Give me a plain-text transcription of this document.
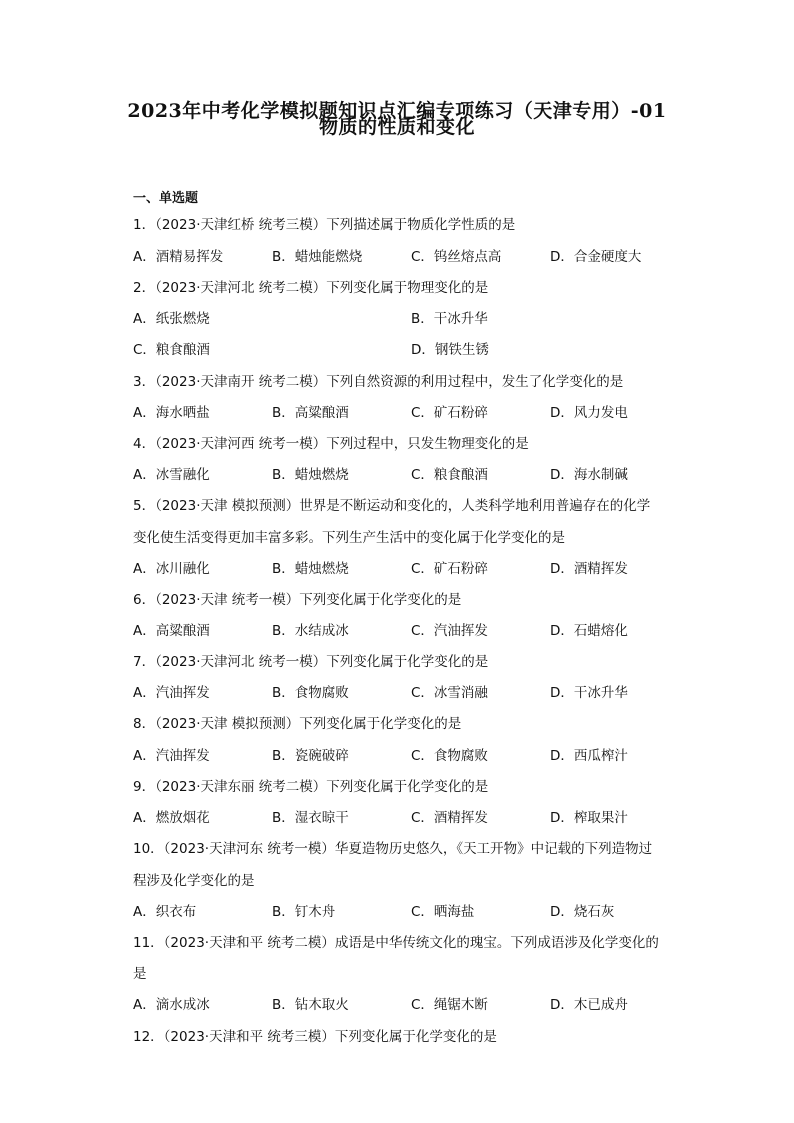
2023年中考化学模拟题知识点汇编专项练习（天津专用）-01
物质的性质和变化
一、单选题
1．（2023·天津红桥 统考三模）下列描述属于物质化学性质的是
A．酒精易挥发	B．蜡烛能燃烧	C．钨丝熔点高	D．合金硬度大
2．（2023·天津河北 统考二模）下列变化属于物理变化的是
A．纸张燃烧	B．干冰升华
C．粮食酿酒	D．钢铁生锈
3．（2023·天津南开 统考二模）下列自然资源的利用过程中，发生了化学变化的是
A．海水晒盐	B．高粱酿酒	C．矿石粉碎	D．风力发电
4．（2023·天津河西 统考一模）下列过程中，只发生物理变化的是
A．冰雪融化	B．蜡烛燃烧	C．粮食酿酒	D．海水制碱
5．（2023·天津 模拟预测）世界是不断运动和变化的，人类科学地利用普遍存在的化学
变化使生活变得更加丰富多彩。下列生产生活中的变化属于化学变化的是
A．冰川融化	B．蜡烛燃烧	C．矿石粉碎	D．酒精挥发
6．（2023·天津 统考一模）下列变化属于化学变化的是
A．高粱酿酒	B．水结成冰	C．汽油挥发	D．石蜡熔化
7．（2023·天津河北 统考一模）下列变化属于化学变化的是
A．汽油挥发	B．食物腐败	C．冰雪消融	D．干冰升华
8．（2023·天津 模拟预测）下列变化属于化学变化的是
A．汽油挥发	B．瓷碗破碎	C．食物腐败	D．西瓜榨汁
9．（2023·天津东丽 统考二模）下列变化属于化学变化的是
A．燃放烟花	B．湿衣晾干	C．酒精挥发	D．榨取果汁
10．（2023·天津河东 统考一模）华夏造物历史悠久，《天工开物》中记载的下列造物过
程涉及化学变化的是
A．织衣布	B．钉木舟	C．晒海盐	D．烧石灰
11．（2023·天津和平 统考二模）成语是中华传统文化的瑰宝。下列成语涉及化学变化的
是
A．滴水成冰	B．钻木取火	C．绳锯木断	D．木已成舟
12．（2023·天津和平 统考三模）下列变化属于化学变化的是
